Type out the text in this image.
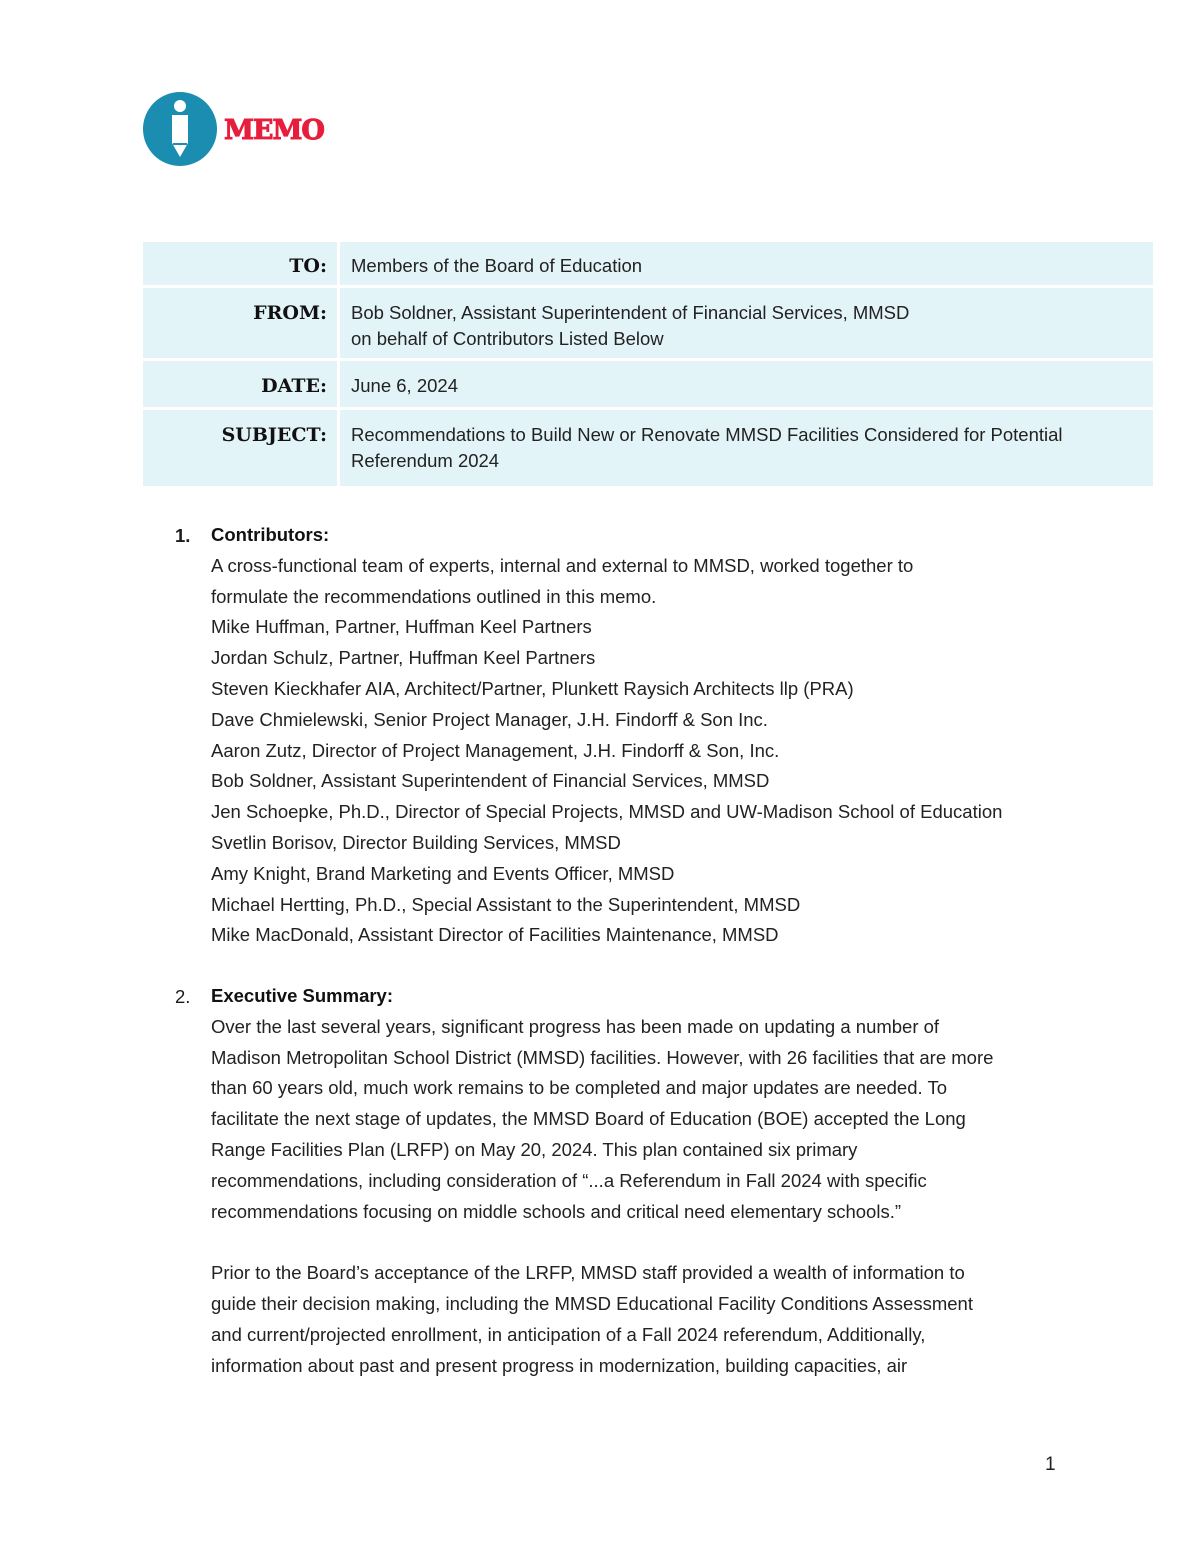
MEMO
TO:	Members of the Board of Education
FROM:	Bob Soldner, Assistant Superintendent of Financial Services, MMSD
on behalf of Contributors Listed Below

DATE:	June 6, 2024
SUBJECT:	Recommendations to Build New or Renovate MMSD Facilities Considered for Potential
Referendum 2024
1. Contributors:
A cross-functional team of experts, internal and external to MMSD, worked together to
formulate the recommendations outlined in this memo.
Mike Huffman, Partner, Huffman Keel Partners
Jordan Schulz, Partner, Huffman Keel Partners
Steven Kieckhafer AIA, Architect/Partner, Plunkett Raysich Architects llp (PRA)
Dave Chmielewski, Senior Project Manager, J.H. Findorff & Son Inc.
Aaron Zutz, Director of Project Management, J.H. Findorff & Son, Inc.
Bob Soldner, Assistant Superintendent of Financial Services, MMSD
Jen Schoepke, Ph.D., Director of Special Projects, MMSD and UW-Madison School of Education
Svetlin Borisov, Director Building Services, MMSD
Amy Knight, Brand Marketing and Events Officer, MMSD
Michael Hertting, Ph.D., Special Assistant to the Superintendent, MMSD
Mike MacDonald, Assistant Director of Facilities Maintenance, MMSD
2. Executive Summary:

Over the last several years, significant progress has been made on updating a number of
Madison Metropolitan School District (MMSD) facilities. However, with 26 facilities that are more
than 60 years old, much work remains to be completed and major updates are needed. To
facilitate the next stage of updates, the MMSD Board of Education (BOE) accepted the Long
Range Facilities Plan (LRFP) on May 20, 2024. This plan contained six primary
recommendations, including consideration of “...a Referendum in Fall 2024 with specific
recommendations focusing on middle schools and critical need elementary schools.”

Prior to the Board’s acceptance of the LRFP, MMSD staff provided a wealth of information to
guide their decision making, including the MMSD Educational Facility Conditions Assessment
and current/projected enrollment, in anticipation of a Fall 2024 referendum, Additionally,
information about past and present progress in modernization, building capacities, air

1
